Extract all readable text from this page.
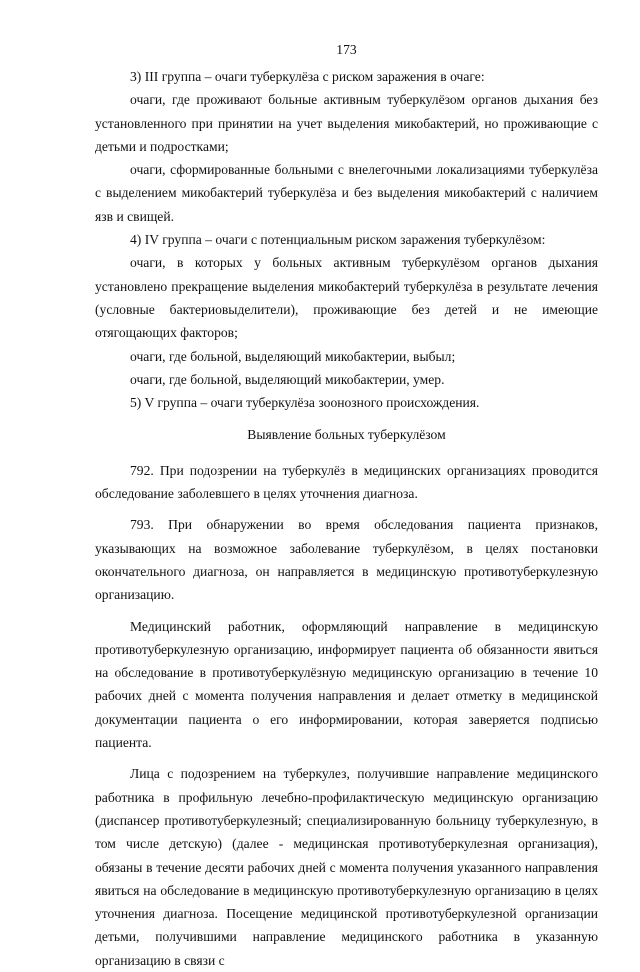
173

3) III группа – очаги туберкулёза с риском заражения в очаге:

очаги, где проживают больные активным туберкулёзом органов дыхания без установленного при принятии на учет выделения микобактерий, но проживающие с детьми и подростками;

очаги, сформированные больными с внелегочными локализациями туберкулёза с выделением микобактерий туберкулёза и без выделения микобактерий с наличием язв и свищей.

4) IV группа – очаги с потенциальным риском заражения туберкулёзом:

очаги, в которых у больных активным туберкулёзом органов дыхания установлено прекращение выделения микобактерий туберкулёза в результате лечения (условные бактериовыделители), проживающие без детей и не имеющие отягощающих факторов;

очаги, где больной, выделяющий микобактерии, выбыл;

очаги, где больной, выделяющий микобактерии, умер.

5) V группа – очаги туберкулёза зоонозного происхождения.

Выявление больных туберкулёзом

792. При подозрении на туберкулёз в медицинских организациях проводится обследование заболевшего в целях уточнения диагноза.

793. При обнаружении во время обследования пациента признаков, указывающих на возможное заболевание туберкулёзом, в целях постановки окончательного диагноза, он направляется в медицинскую противотуберкулезную организацию.

Медицинский работник, оформляющий направление в медицинскую противотуберкулезную организацию, информирует пациента об обязанности явиться на обследование в противотуберкулёзную медицинскую организацию в течение 10 рабочих дней с момента получения направления и делает отметку в медицинской документации пациента о его информировании, которая заверяется подписью пациента.

Лица с подозрением на туберкулез, получившие направление медицинского работника в профильную лечебно-профилактическую медицинскую организацию (диспансер противотуберкулезный; специализированную больницу туберкулезную, в том числе детскую) (далее - медицинская противотуберкулезная организация), обязаны в течение десяти рабочих дней с момента получения указанного направления явиться на обследование в медицинскую противотуберкулезную организацию в целях уточнения диагноза. Посещение медицинской противотуберкулезной организации детьми, получившими направление медицинского работника в указанную организацию в связи с
